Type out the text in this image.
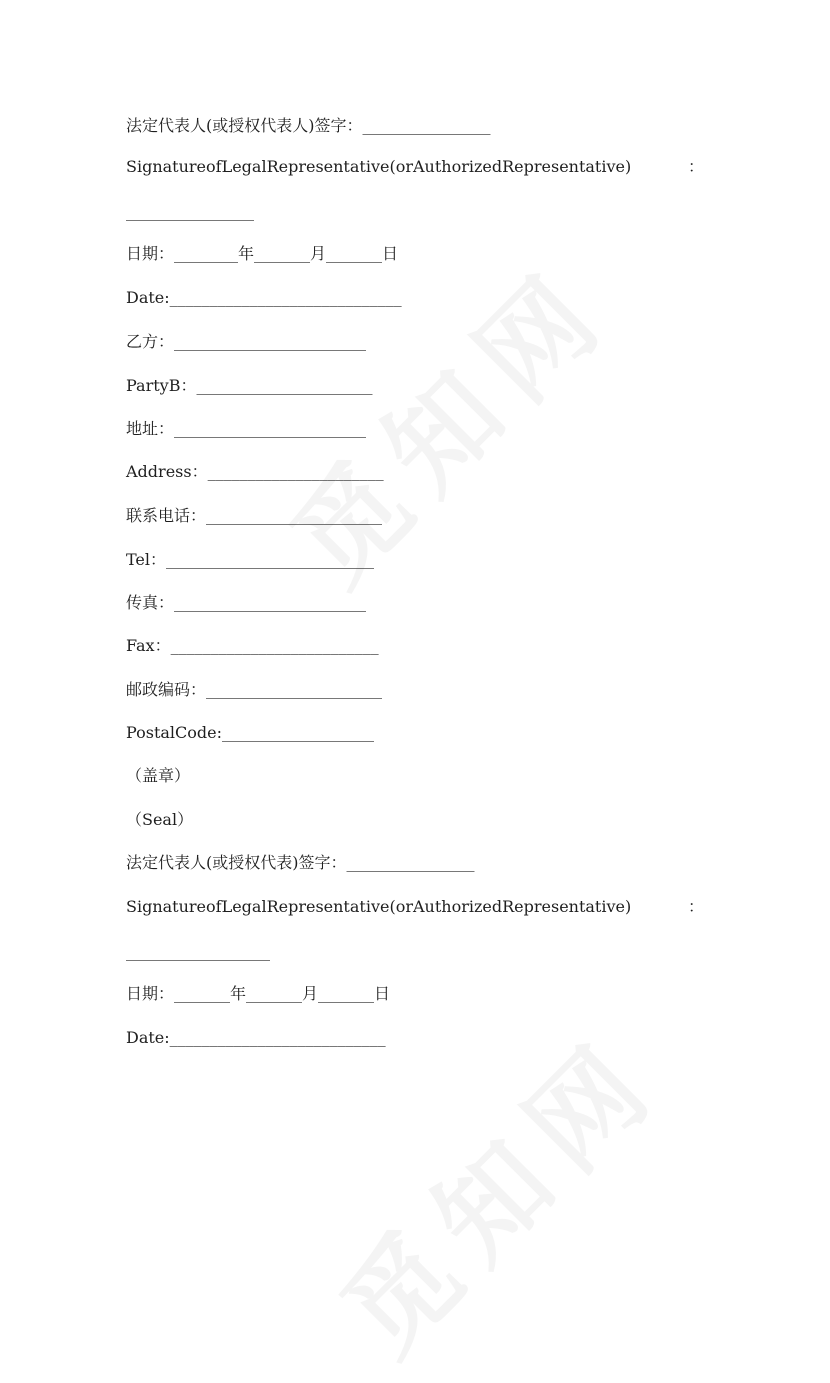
法定代表人(或授权代表人)签字：________________
SignatureofLegalRepresentative(orAuthorizedRepresentative)	：
________________
日期：________年_______月_______日
Date:_____________________________
乙方：________________________
PartyB：______________________
地址：________________________
Address：______________________
联系电话：______________________
Tel：__________________________
传真：________________________
Fax：__________________________
邮政编码：______________________
PostalCode:___________________
（盖章）
（Seal）
法定代表人(或授权代表)签字：________________
SignatureofLegalRepresentative(orAuthorizedRepresentative)	：
__________________
日期：_______年_______月_______日
Date:___________________________
